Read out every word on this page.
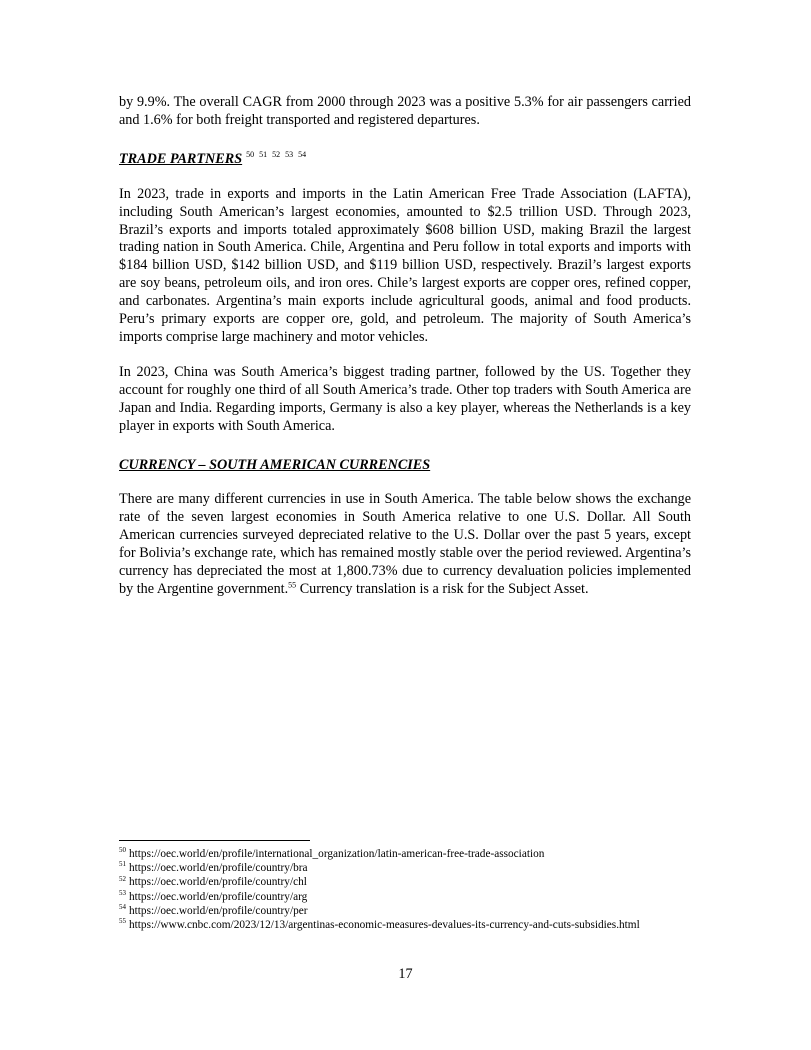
by 9.9%. The overall CAGR from 2000 through 2023 was a positive 5.3% for air passengers carried and 1.6% for both freight transported and registered departures.

TRADE PARTNERS $^{50 51 52 53 54}$

In 2023, trade in exports and imports in the Latin American Free Trade Association (LAFTA), including South American’s largest economies, amounted to $2.5 trillion USD. Through 2023, Brazil’s exports and imports totaled approximately $608 billion USD, making Brazil the largest trading nation in South America. Chile, Argentina and Peru follow in total exports and imports with $184 billion USD, $142 billion USD, and $119 billion USD, respectively. Brazil’s largest exports are soy beans, petroleum oils, and iron ores. Chile’s largest exports are copper ores, refined copper, and carbonates. Argentina’s main exports include agricultural goods, animal and food products. Peru’s primary exports are copper ore, gold, and petroleum. The majority of South America’s imports comprise large machinery and motor vehicles.

In 2023, China was South America’s biggest trading partner, followed by the US. Together they account for roughly one third of all South America’s trade. Other top traders with South America are Japan and India. Regarding imports, Germany is also a key player, whereas the Netherlands is a key player in exports with South America.

CURRENCY – SOUTH AMERICAN CURRENCIES

There are many different currencies in use in South America. The table below shows the exchange rate of the seven largest economies in South America relative to one U.S. Dollar. All South American currencies surveyed depreciated relative to the U.S. Dollar over the past 5 years, except for Bolivia’s exchange rate, which has remained mostly stable over the period reviewed. Argentina’s currency has depreciated the most at 1,800.73% due to currency devaluation policies implemented by the Argentine government.$^{55}$ Currency translation is a risk for the Subject Asset.

$^{50}$ https://oec.world/en/profile/international_organization/latin-american-free-trade-association

$^{51}$ https://oec.world/en/profile/country/bra

$^{52}$ https://oec.world/en/profile/country/chl

$^{53}$ https://oec.world/en/profile/country/arg

$^{54}$ https://oec.world/en/profile/country/per

$^{55}$ https://www.cnbc.com/2023/12/13/argentinas-economic-measures-devalues-its-currency-and-cuts-subsidies.html

17
